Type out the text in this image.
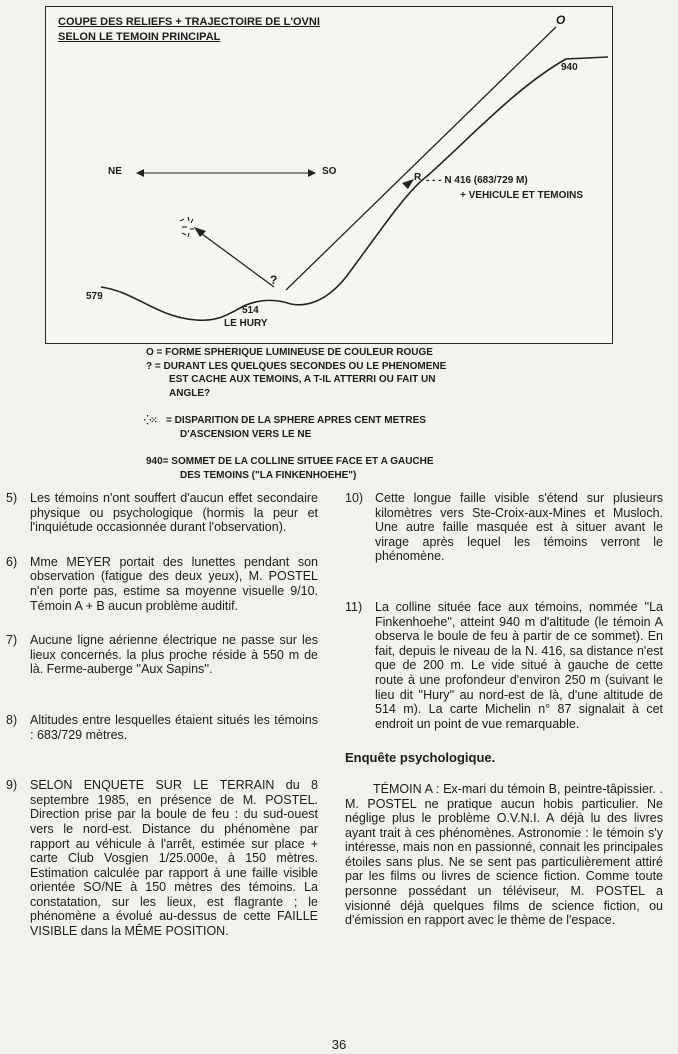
COUPE DES RELIEFS + TRAJECTOIRE DE L'OVNI
SELON LE TEMOIN PRINCIPAL
O
940
NE	SO
R - - - N 416 (683/729 M)
+ VEHICULE ET TEMOINS
?
579
514
LE HURY
O = FORME SPHERIQUE LUMINEUSE DE COULEUR ROUGE
? = DURANT LES QUELQUES SECONDES OU LE PHENOMENE
EST CACHE AUX TEMOINS, A T-IL ATTERRI OU FAIT UN
ANGLE?
⁛⁙ = DISPARITION DE LA SPHERE APRES CENT METRES
D'ASCENSION VERS LE NE
940= SOMMET DE LA COLLINE SITUEE FACE ET A GAUCHE
DES TEMOINS ("LA FINKENHOEHE")
5)	Les témoins n'ont souffert d'aucun effet secondaire physique ou psychologique (hormis la peur et l'inquiétude occasionnée durant l'observation).
6)	Mme MEYER portait des lunettes pendant son observation (fatigue des deux yeux), M. POSTEL n'en porte pas, estime sa moyenne visuelle 9/10. Témoin A + B aucun problème auditif.
7)	Aucune ligne aérienne électrique ne passe sur les lieux concernés. la plus proche réside à 550 m de là. Ferme-auberge ''Aux Sapins''.
8)	Altitudes entre lesquelles étaient situés les témoins : 683/729 mètres.
9)	SELON ENQUETE SUR LE TERRAIN du 8 septembre 1985, en présence de M. POSTEL. Direction prise par la boule de feu : du sud-ouest vers le nord-est. Distance du phénomène par rapport au véhicule à l'arrêt, estimée sur place + carte Club Vosgien 1/25.000e, à 150 mètres. Estimation calculée par rapport à une faille visible orientée SO/NE à 150 mètres des témoins. La constatation, sur les lieux, est flagrante ; le phénomène a évolué au-dessus de cette FAILLE VISIBLE dans la MÊME POSITION.
10) Cette longue faille visible s'étend sur plusieurs kilomètres vers Ste-Croix-aux-Mines et Musloch. Une autre faille masquée est à situer avant le virage après lequel les témoins verront le phénomène.
11)	La colline située face aux témoins, nommée ''La Finkenhoehe'', atteint 940 m d'altitude (le témoin A observa le boule de feu à partir de ce sommet). En fait, depuis le niveau de la N. 416, sa distance n'est que de 200 m. Le vide situé à gauche de cette route à une profondeur d'environ 250 m (suivant le lieu dit ''Hury'' au nord-est de là, d'une altitude de 514 m). La carte Michelin n° 87 signalait à cet endroit un point de vue remarquable.
Enquête psychologique.
TÉMOIN A : Ex-mari du témoin B, peintre-tâpissier. . M. POSTEL ne pratique aucun hobis particulier. Ne néglige plus le problème O.V.N.I. A déjà lu des livres ayant trait à ces phénomènes. Astronomie : le témoin s'y intéresse, mais non en passionné, connait les principales étoiles sans plus. Ne se sent pas particulièrement attiré par les films ou livres de science fiction. Comme toute personne possédant un téléviseur, M. POSTEL a visionné déjà quelques films de science fiction, ou d'émission en rapport avec le thème de l'espace.
36
